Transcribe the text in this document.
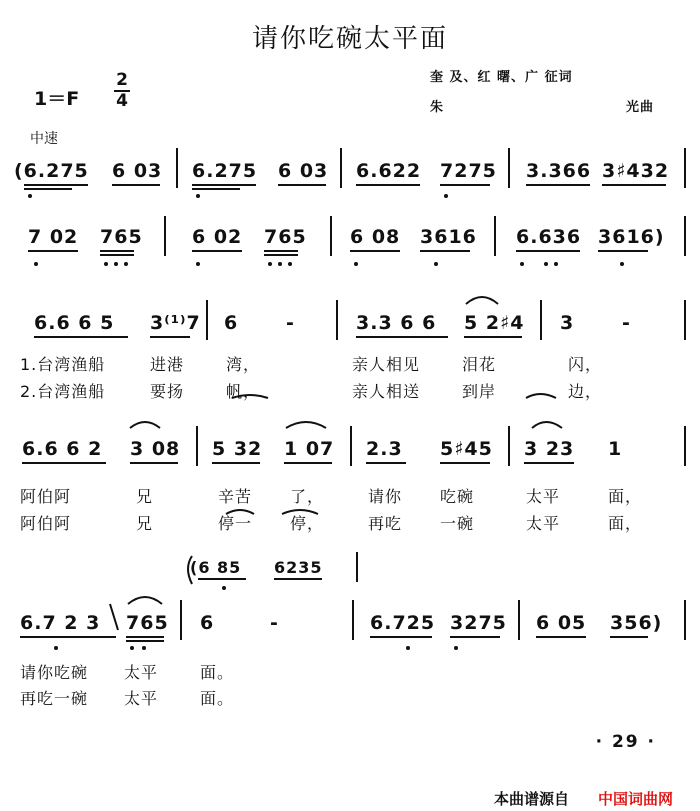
请你吃碗太平面
1＝F
2
4
奎 及、红 曙、广 征词
朱	光曲
中速
(6.275 6 03 6.275 6 03 6.622 7275 3.366 3♯432
7 02 765	6 02 765 6 08 3616 6.636 3616)
6.6 6 5 3⁽¹⁾7 6	-	3.3 6 6 5 2♯4 3	-
1.台湾渔船	进港	湾，	亲人相见	泪花	闪，
2.台湾渔船	要扬	帆，	亲人相送	到岸	边，
6.6 6 2 3 08 5 32 1 07 2.3 5♯45 3 23 1
阿伯阿	兄	辛苦 了，	请你 吃碗	太平	面，
阿伯阿	兄	停一 停，	再吃 一碗	太平	面，
(6 85 6235
6.7 2 3 765 6	-	6.725 3275 6 05 356)
请你吃碗 太平	面。
再吃一碗 太平	面。
· 29 ·
本曲谱源自 中国词曲网
